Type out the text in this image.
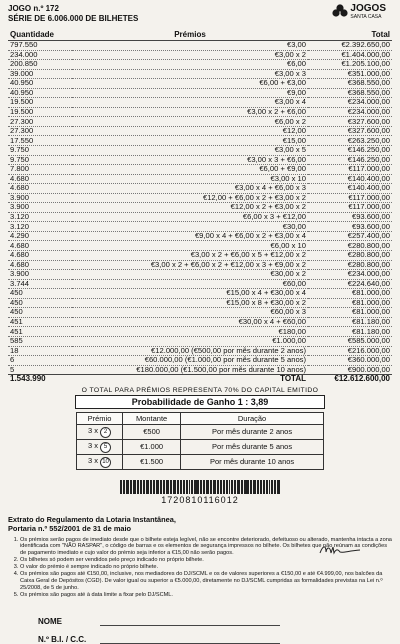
JOGO n.º 172
SÉRIE DE 6.006.000 DE BILHETES
JOGOS
SANTA CASA
Quantidade	Prémios	Total
797.550	€3,00	€2.392.650,00
234.000	€3,00 x 2	€1.404.000,00
200.850	€6,00	€1.205.100,00
39.000	€3,00 x 3	€351.000,00
40.950	€6,00 + €3,00	€368.550,00
40.950	€9,00	€368.550,00
19.500	€3,00 x 4	€234.000,00
19.500	€3,00 x 2 + €6,00	€234.000,00
27.300	€6,00 x 2	€327.600,00
27.300	€12,00	€327.600,00
17.550	€15,00	€263.250,00
9.750	€3,00 x 5	€146.250,00
9.750	€3,00 x 3 + €6,00	€146.250,00
7.800	€6,00 + €9,00	€117.000,00
4.680	€3,00 x 10	€140.400,00
4.680	€3,00 x 4 + €6,00 x 3	€140.400,00
3.900	€12,00 + €6,00 x 2 + €3,00 x 2	€117.000,00
3.900	€12,00 x 2 + €3,00 x 2	€117.000,00
3.120	€6,00 x 3 + €12,00	€93.600,00
3.120	€30,00	€93.600,00
4.290	€9,00 x 4 + €6,00 x 2 + €3,00 x 4	€257.400,00
4.680	€6,00 x 10	€280.800,00
4.680	€3,00 x 2 + €6,00 x 5 + €12,00 x 2	€280.800,00
4.680	€3,00 x 2 + €6,00 x 2 + €12,00 x 3 + €9,00 x 2	€280.800,00
3.900	€30,00 x 2	€234.000,00
3.744	€60,00	€224.640,00
450	€15,00 x 4 + €30,00 x 4	€81.000,00
450	€15,00 x 8 + €30,00 x 2	€81.000,00
450	€60,00 x 3	€81.000,00
451	€30,00 x 4 + €60,00	€81.180,00
451	€180,00	€81.180,00
585	€1.000,00	€585.000,00
18	€12.000,00 (€500,00 por mês durante 2 anos)	€216.000,00
6	€60.000,00 (€1.000,00 por mês durante 5 anos)	€360.000,00
5	€180.000,00 (€1.500,00 por mês durante 10 anos)	€900.000,00
1.543.990	TOTAL	€12.612.600,00
O TOTAL PARA PRÉMIOS REPRESENTA 70% DO CAPITAL EMITIDO
Probabilidade de Ganho 1 : 3,89
Prémio	Montante	Duração
3 x 2	€500	Por mês durante 2 anos
3 x 5	€1.000	Por mês durante 5 anos
3 x 10	€1.500	Por mês durante 10 anos
1720810116012
Extrato do Regulamento da Lotaria Instantânea,
Portaria n.º 552/2001 de 31 de maio
1. Os prémios serão pagos de imediato desde que o bilhete esteja legível, não se encontre deteriorado, defeituoso ou alterado, mantenha intacta a zona identificada com "NÃO RASPAR", o código de barras e os elementos de segurança impressos no bilhete. Os bilhetes que não reúnam as condições de pagamento imediato e cujo valor do prémio seja inferior a €15,00 não serão pagos.
2. Os bilhetes só podem ser vendidos pelo preço indicado no próprio bilhete.
3. O valor do prémio é sempre indicado no próprio bilhete.
4. Os prémios são pagos até €150,00, inclusive, nos mediadores do DJ/SCML e os de valores superiores a €150,00 e até €4.999,00, nos balcões da Caixa Geral de Depósitos (CGD). De valor igual ou superior a €5.000,00, diretamente no DJ/SCML cumpridas as formalidades previstas na Lei n.º 25/2008, de 5 de junho.
5. Os prémios são pagos até à data limite a fixar pelo DJ/SCML.
NOME
N.º B.I. / C.C.
